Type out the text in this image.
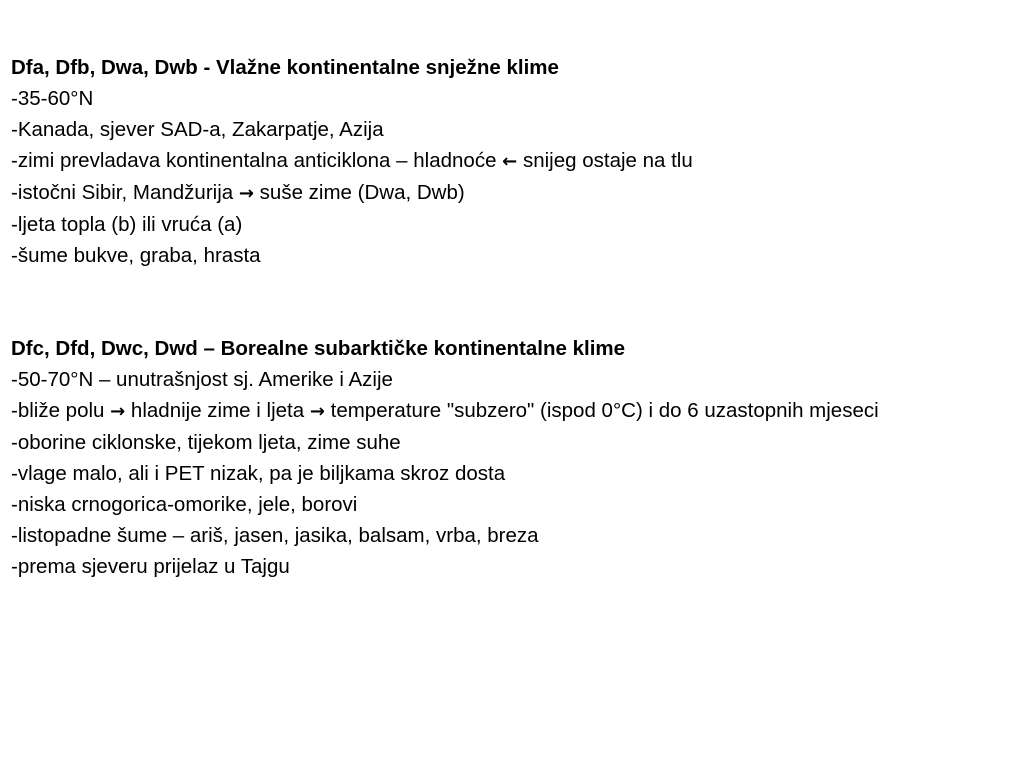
Dfa, Dfb, Dwa, Dwb - Vlažne kontinentalne snježne klime
-35-60°N
-Kanada, sjever SAD-a, Zakarpatje, Azija
-zimi prevladava kontinentalna anticiklona – hladnoće ← snijeg ostaje na tlu
-istočni Sibir, Mandžurija → suše zime (Dwa, Dwb)
-ljeta topla (b) ili vruća (a)
-šume bukve, graba, hrasta
Dfc, Dfd, Dwc, Dwd – Borealne subarktičke kontinentalne klime
-50-70°N – unutrašnjost sj. Amerike i Azije
-bliže polu → hladnije zime i ljeta → temperature "subzero" (ispod 0°C) i do 6 uzastopnih mjeseci
-oborine ciklonske, tijekom ljeta, zime suhe
-vlage malo, ali i PET nizak, pa je biljkama skroz dosta
-niska crnogorica-omorike, jele, borovi
-listopadne šume – ariš, jasen, jasika, balsam, vrba, breza
-prema sjeveru prijelaz u Tajgu
